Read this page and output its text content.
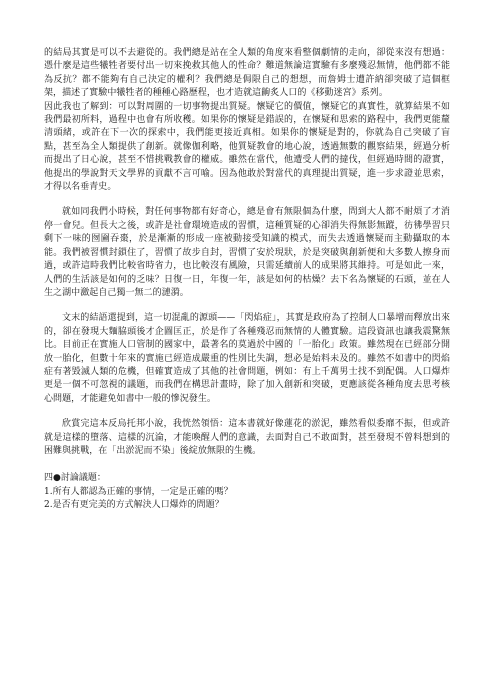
的結局其實是可以不去避從的。我們總是站在全人類的角度來看整個劇情的走向，卻從來沒有想過：憑什麼是這些犧牲者要付出一切來挽救其他人的性命？難道無論這實驗有多麼殘忍無情，他們都不能為反抗？都不能夠有自己決定的權利？我們總是侷限自己的想想，而詹姆士遭許納卻突破了這個框架，描述了實驗中犧牲者的種種心路歷程，也才造就這齣炙人口的《移動迷宮》系列。

因此我也了解到：可以對周圍的一切事物提出質疑。懷疑它的價值，懷疑它的真實性，就算結果不如我們最初所料，過程中也會有所收穫。如果你的懷疑是錯誤的，在懷疑和思索的路程中，我們更能釐清頭緒，或許在下一次的探索中，我們能更接近真相。如果你的懷疑是對的，你就為自己突破了盲點，甚至為全人類提供了創新。就像伽利略，他質疑教會的地心說，透過無數的觀察結果，經過分析而提出了日心說，甚至不惜挑戰教會的權威。雖然在當代，他遭受人們的撻伐，但經過時間的證實，他提出的學說對天文學界的貢獻不言可喻。因為他敢於對當代的真理提出質疑，進一步求證並思索，才得以名垂青史。

就如同我們小時候，對任何事物都有好奇心，總是會有無限個為什麼，問到大人都不耐煩了才消停一會兒。但長大之後，或許是社會環境造成的習慣，這種質疑的心卻消失得無影無蹤，彷彿學習只剩下一味的囫圇吞棗，於是漸漸的形成一座被動接受知識的模式，而失去透過懷疑而主動攝取的本能。我們被習慣封鎖住了，習慣了故步自封，習慣了安於現狀，於是突破與創新便和大多數人擦身而過，或許這時我們比較省時省力，也比較沒有風險，只需延續前人的成果將其維持。可是如此一來，人們的生活該是如何的乏味？日復一日，年復一年，該是如何的枯燥？去下名為懷疑的石頭，並在人生之湖中瀲起自己獨一無二的漣漪。

文末的結語還提到，這一切混亂的源頭——「閃焰症」，其實是政府為了控制人口暴增而釋放出來的，卻在發現大麵脇頭後才企圖匡正，於是作了各種殘忍而無情的人體實驗。這段資訊也讓我震驚無比。目前正在實施人口管制的國家中，最著名的莫過於中國的「一胎化」政策。雖然現在已經部分開放一胎化，但數十年來的實施已經造成嚴重的性別比失調，想必是始料未及的。雖然不如書中的閃焰症有著毀滅人類的危機，但確實造成了其他的社會問題，例如：有上千萬男士找不到配偶。人口爆炸更是一個不可忽視的議題，而我們在構思計畫時，除了加入創新和突破，更應該從各種角度去思考核心問題，才能避免如書中一般的慘況發生。

欣賞完這本反烏托邦小說，我恍然領悟：這本書就好像蓮花的淤泥，雖然看似委靡不振，但或許就是這樣的墮落、這樣的沉淪，才能喚醒人們的意識，去面對自己不敢面對，甚至發現不曾料想到的困難與挑戰，在「出淤泥而不染」後綻放無限的生機。

四●討論議題：
1.所有人都認為正確的事情，一定是正確的嗎？
2.是否有更完美的方式解決人口爆炸的問題？
